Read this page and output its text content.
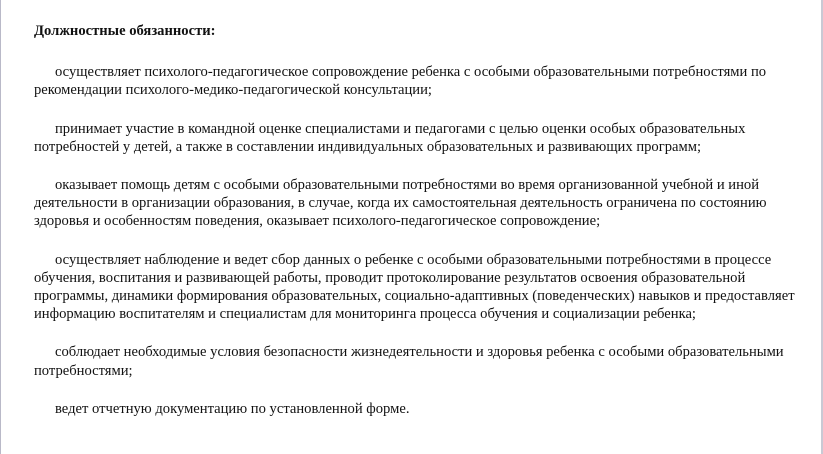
Должностные обязанности:

осуществляет психолого-педагогическое сопровождение ребенка с особыми образовательными потребностями по рекомендации психолого-медико-педагогической консультации;

принимает участие в командной оценке специалистами и педагогами с целью оценки особых образовательных потребностей у детей, а также в составлении индивидуальных образовательных и развивающих программ;

оказывает помощь детям с особыми образовательными потребностями во время организованной учебной и иной деятельности в организации образования, в случае, когда их самостоятельная деятельность ограничена по состоянию здоровья и особенностям поведения, оказывает психолого-педагогическое сопровождение;

осуществляет наблюдение и ведет сбор данных о ребенке с особыми образовательными потребностями в процессе обучения, воспитания и развивающей работы, проводит протоколирование результатов освоения образовательной программы, динамики формирования образовательных, социально-адаптивных (поведенческих) навыков и предоставляет информацию воспитателям и специалистам для мониторинга процесса обучения и социализации ребенка;

соблюдает необходимые условия безопасности жизнедеятельности и здоровья ребенка с особыми образовательными потребностями;

ведет отчетную документацию по установленной форме.
